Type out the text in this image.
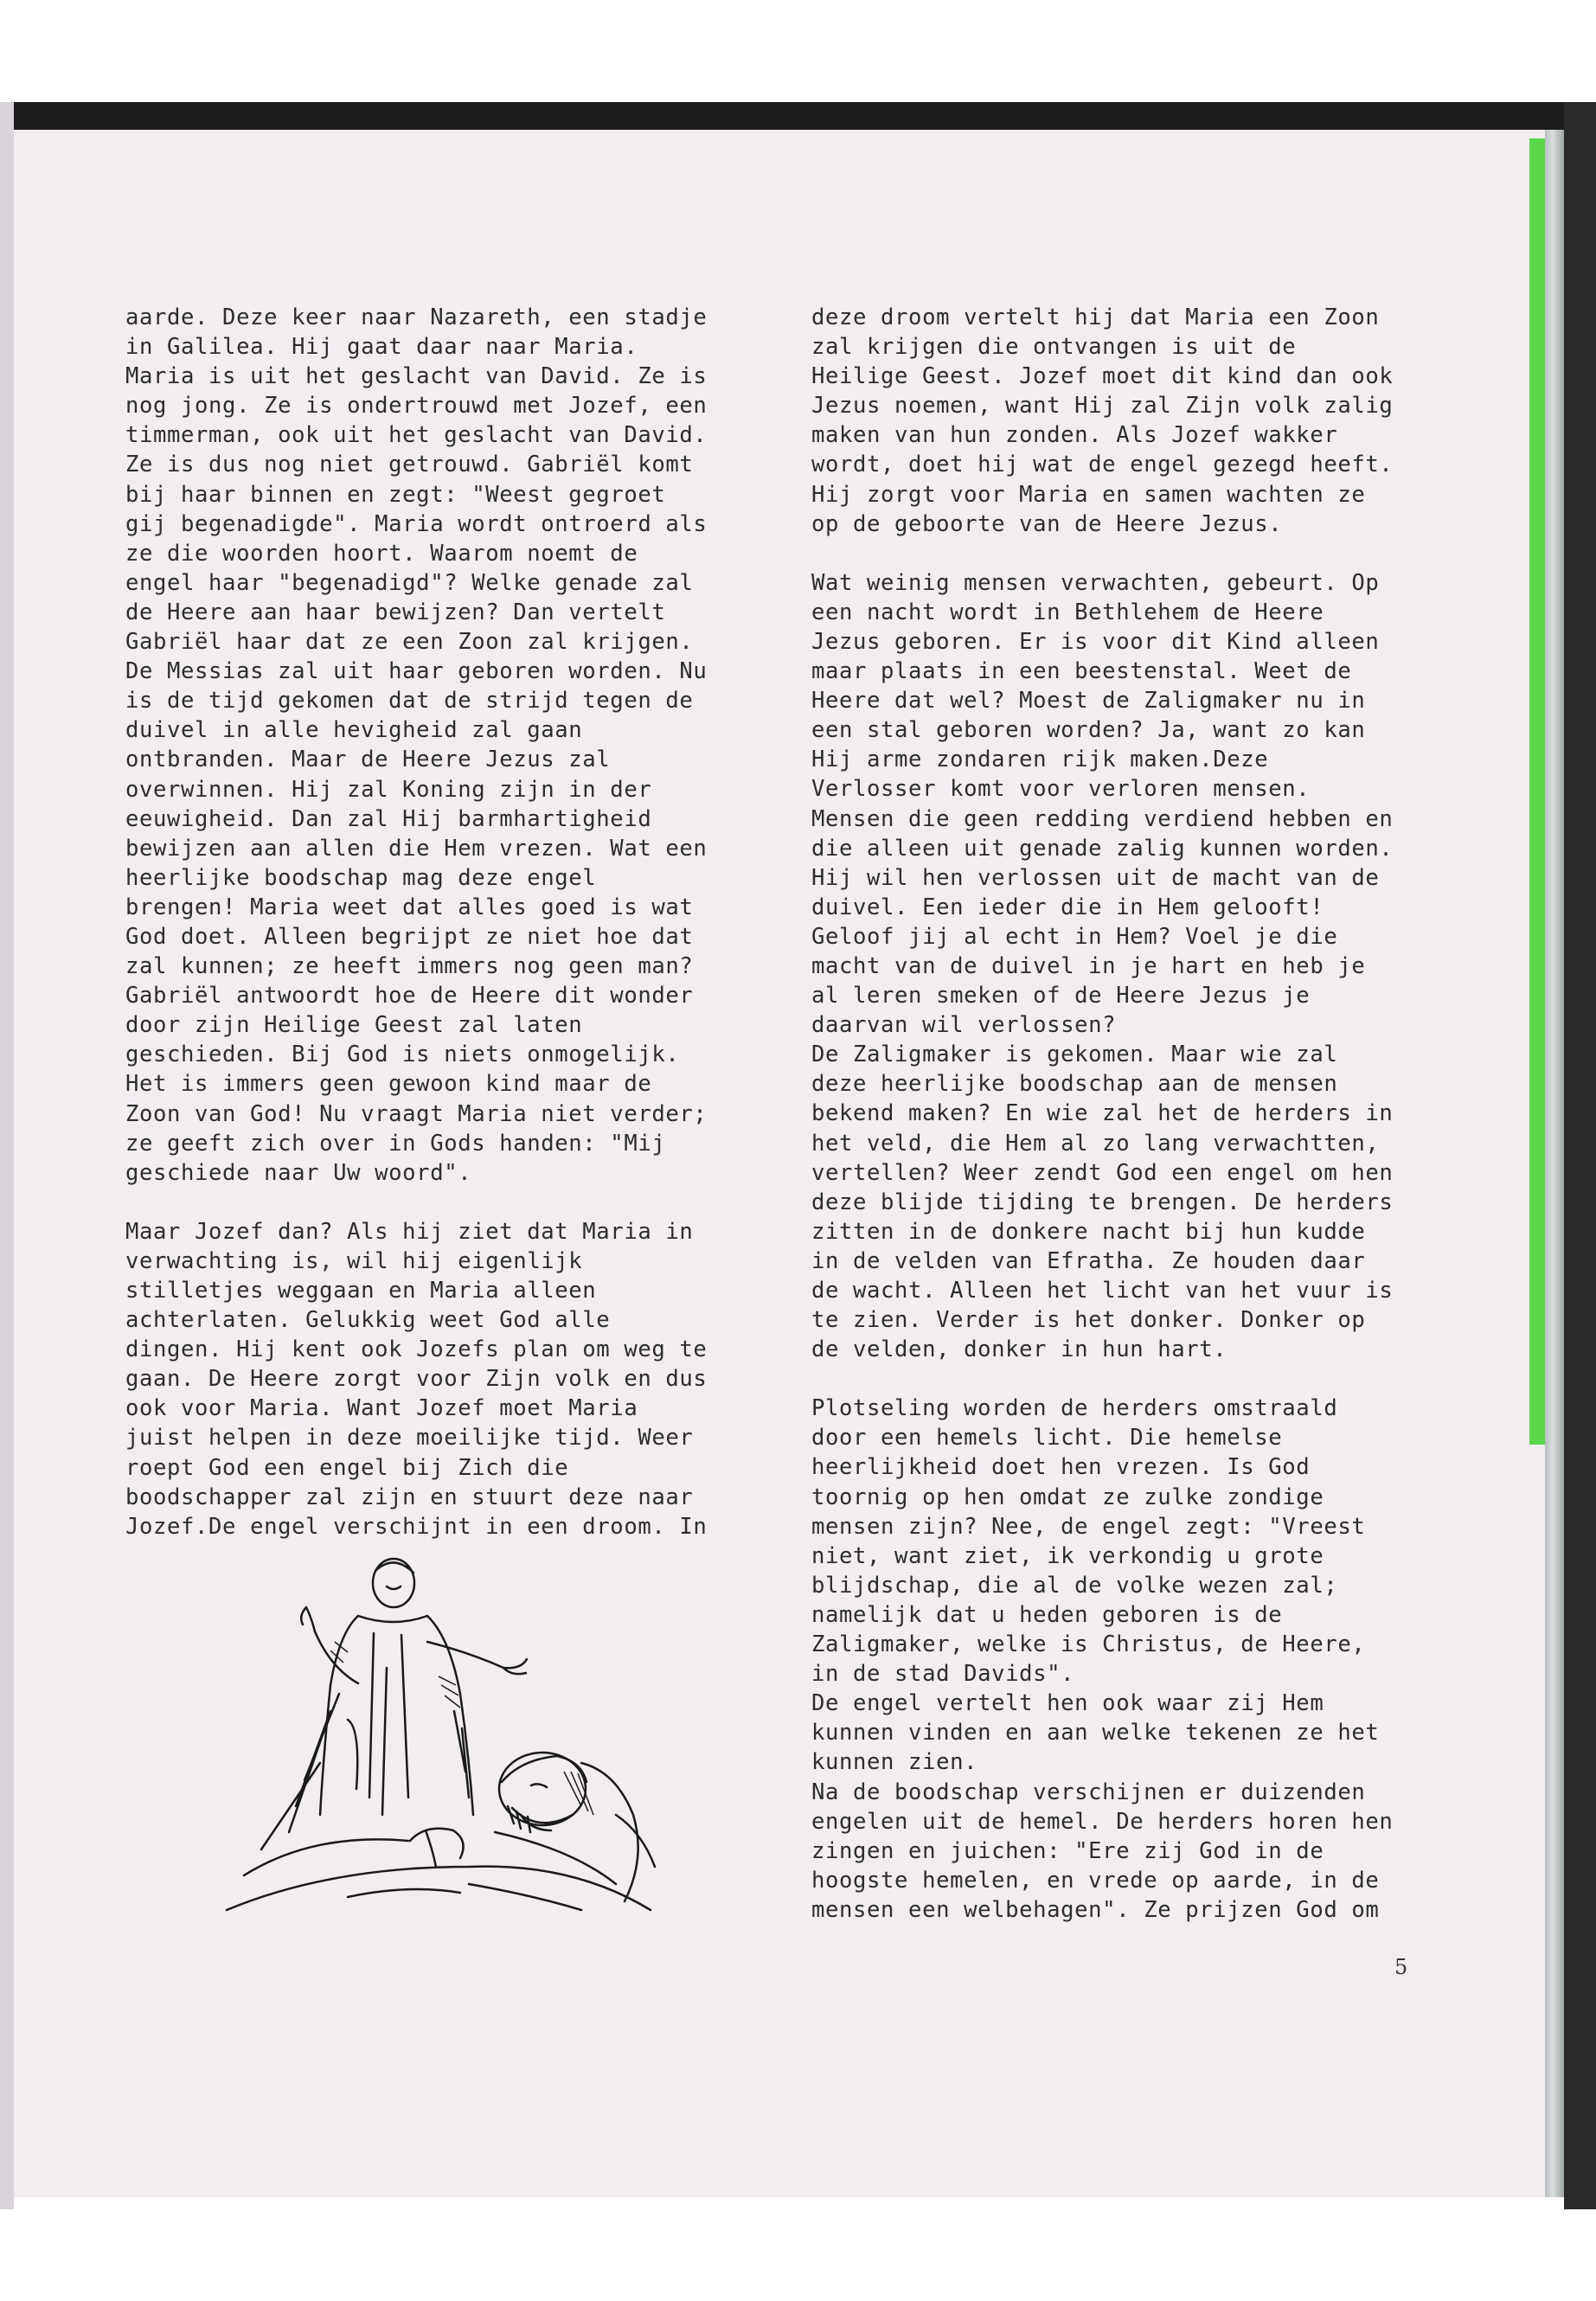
aarde. Deze keer naar Nazareth, een stadje
in Galilea. Hij gaat daar naar Maria.
Maria is uit het geslacht van David. Ze is
nog jong. Ze is ondertrouwd met Jozef, een
timmerman, ook uit het geslacht van David.
Ze is dus nog niet getrouwd. Gabriël komt
bij haar binnen en zegt: "Weest gegroet
gij begenadigde". Maria wordt ontroerd als
ze die woorden hoort. Waarom noemt de
engel haar "begenadigd"? Welke genade zal
de Heere aan haar bewijzen? Dan vertelt
Gabriël haar dat ze een Zoon zal krijgen.
De Messias zal uit haar geboren worden. Nu
is de tijd gekomen dat de strijd tegen de
duivel in alle hevigheid zal gaan
ontbranden. Maar de Heere Jezus zal
overwinnen. Hij zal Koning zijn in der
eeuwigheid. Dan zal Hij barmhartigheid
bewijzen aan allen die Hem vrezen. Wat een
heerlijke boodschap mag deze engel
brengen! Maria weet dat alles goed is wat
God doet. Alleen begrijpt ze niet hoe dat
zal kunnen; ze heeft immers nog geen man?
Gabriël antwoordt hoe de Heere dit wonder
door zijn Heilige Geest zal laten
geschieden. Bij God is niets onmogelijk.
Het is immers geen gewoon kind maar de
Zoon van God! Nu vraagt Maria niet verder;
ze geeft zich over in Gods handen: "Mij
geschiede naar Uw woord".
Maar Jozef dan? Als hij ziet dat Maria in
verwachting is, wil hij eigenlijk
stilletjes weggaan en Maria alleen
achterlaten. Gelukkig weet God alle
dingen. Hij kent ook Jozefs plan om weg te
gaan. De Heere zorgt voor Zijn volk en dus
ook voor Maria. Want Jozef moet Maria
juist helpen in deze moeilijke tijd. Weer
roept God een engel bij Zich die
boodschapper zal zijn en stuurt deze naar
Jozef.De engel verschijnt in een droom. In
deze droom vertelt hij dat Maria een Zoon
zal krijgen die ontvangen is uit de
Heilige Geest. Jozef moet dit kind dan ook
Jezus noemen, want Hij zal Zijn volk zalig
maken van hun zonden. Als Jozef wakker
wordt, doet hij wat de engel gezegd heeft.
Hij zorgt voor Maria en samen wachten ze
op de geboorte van de Heere Jezus.
Wat weinig mensen verwachten, gebeurt. Op
een nacht wordt in Bethlehem de Heere
Jezus geboren. Er is voor dit Kind alleen
maar plaats in een beestenstal. Weet de
Heere dat wel? Moest de Zaligmaker nu in
een stal geboren worden? Ja, want zo kan
Hij arme zondaren rijk maken.Deze
Verlosser komt voor verloren mensen.
Mensen die geen redding verdiend hebben en
die alleen uit genade zalig kunnen worden.
Hij wil hen verlossen uit de macht van de
duivel. Een ieder die in Hem gelooft!
Geloof jij al echt in Hem? Voel je die
macht van de duivel in je hart en heb je
al leren smeken of de Heere Jezus je
daarvan wil verlossen?
De Zaligmaker is gekomen. Maar wie zal
deze heerlijke boodschap aan de mensen
bekend maken? En wie zal het de herders in
het veld, die Hem al zo lang verwachtten,
vertellen? Weer zendt God een engel om hen
deze blijde tijding te brengen. De herders
zitten in de donkere nacht bij hun kudde
in de velden van Efratha. Ze houden daar
de wacht. Alleen het licht van het vuur is
te zien. Verder is het donker. Donker op
de velden, donker in hun hart.
Plotseling worden de herders omstraald
door een hemels licht. Die hemelse
heerlijkheid doet hen vrezen. Is God
toornig op hen omdat ze zulke zondige
mensen zijn? Nee, de engel zegt: "Vreest
niet, want ziet, ik verkondig u grote
blijdschap, die al de volke wezen zal;
namelijk dat u heden geboren is de
Zaligmaker, welke is Christus, de Heere,
in de stad Davids".
De engel vertelt hen ook waar zij Hem
kunnen vinden en aan welke tekenen ze het
kunnen zien.
Na de boodschap verschijnen er duizenden
engelen uit de hemel. De herders horen hen
zingen en juichen: "Ere zij God in de
hoogste hemelen, en vrede op aarde, in de
mensen een welbehagen". Ze prijzen God om
5
